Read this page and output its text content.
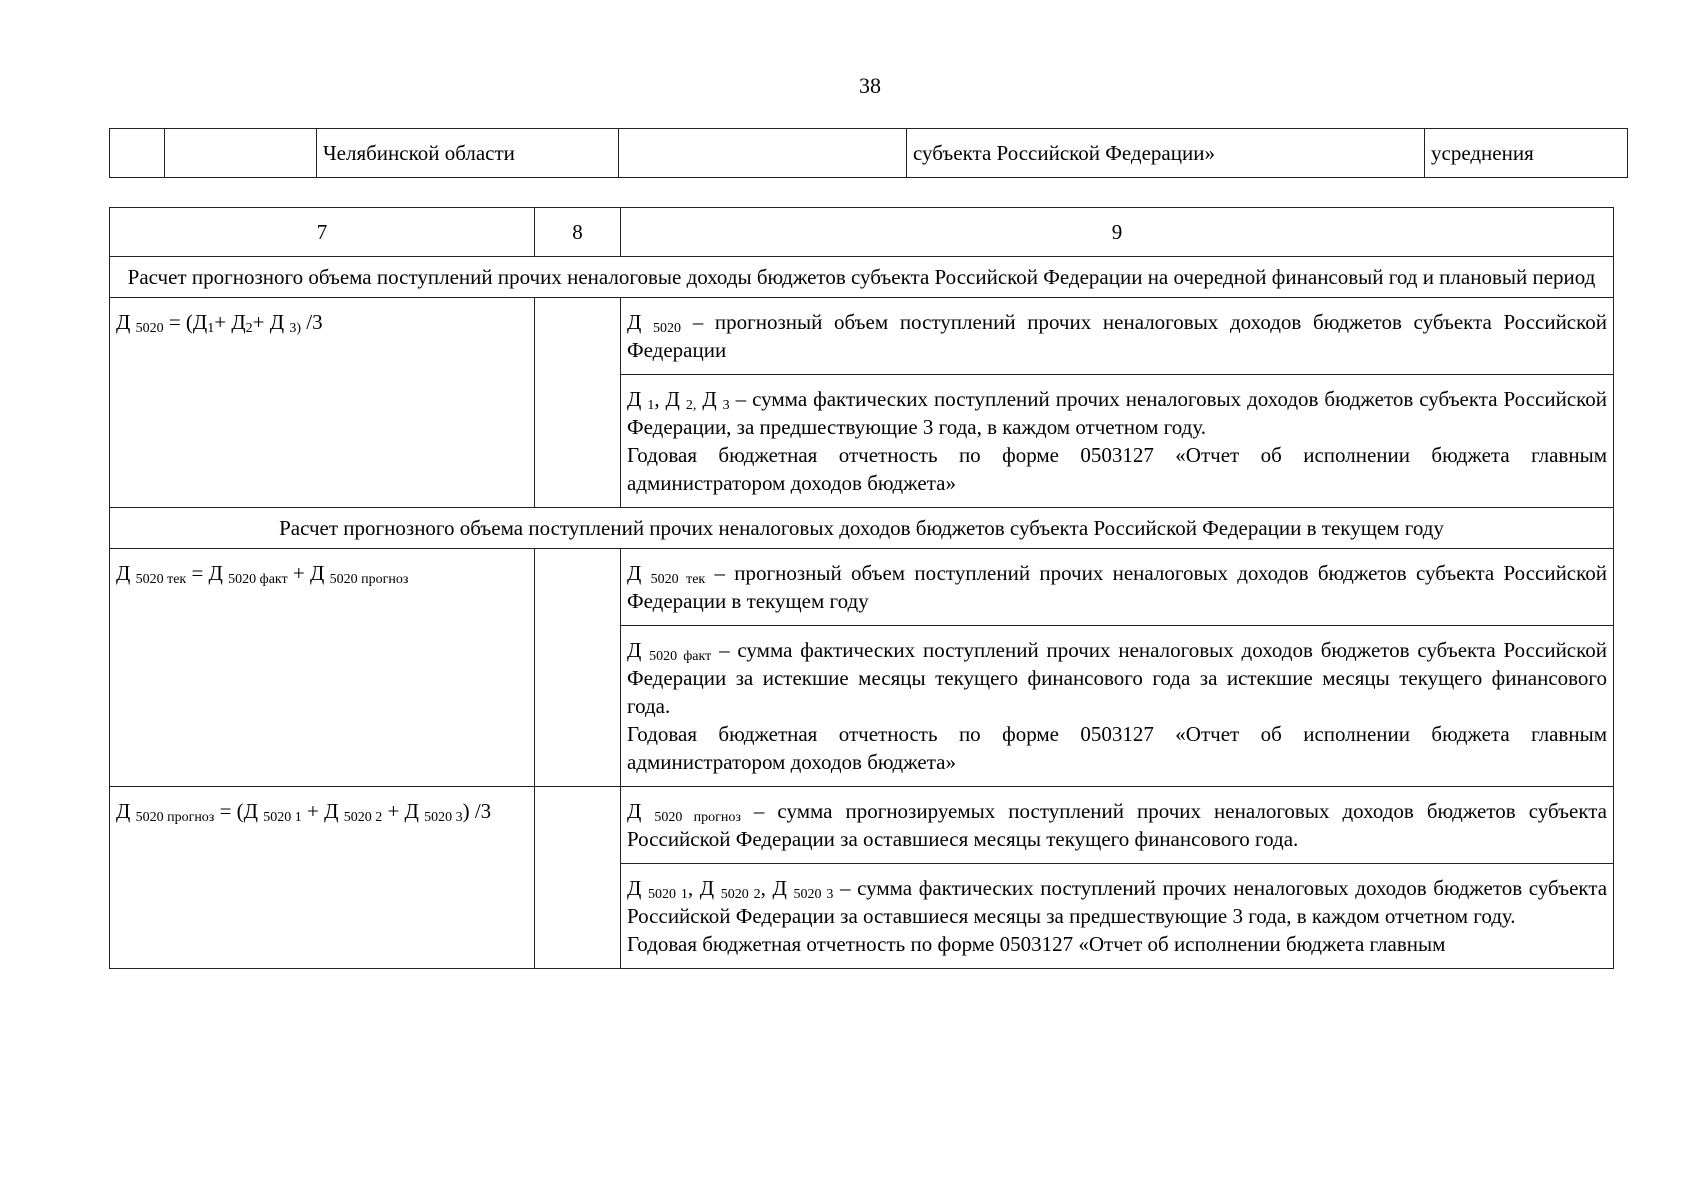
38
		Челябинской области		субъекта Российской Федерации»	усреднения
7	8	9
Расчет прогнозного объема поступлений прочих неналоговые доходы бюджетов субъекта Российской Федерации на очередной финансовый год и плановый период		
Д $_{5020} = (Д_1+ Д_2+ Д$ $_{3)}$ /3		Д $_{5020}$ – прогнозный объем поступлений прочих неналоговых доходов бюджетов субъекта Российской Федерации

		Д $_1$, Д $_{2,}$ Д $_3$ – сумма фактических поступлений прочих неналоговых доходов бюджетов субъекта Российской Федерации, за предшествующие 3 года, в каждом отчетном году.

Годовая бюджетная отчетность по форме 0503127 «Отчет об исполнении бюджета главным администратором доходов бюджета»

Расчет прогнозного объема поступлений прочих неналоговых доходов бюджетов субъекта Российской Федерации в текущем году		
Д $_{5020 тек}$ = Д $_{5020 факт}$ + Д $_{5020 прогноз}$		Д $_{5020 тек}$ – прогнозный объем поступлений прочих неналоговых доходов бюджетов субъекта Российской Федерации в текущем году

		Д $_{5020 факт}$ – сумма фактических поступлений прочих неналоговых доходов бюджетов субъекта Российской Федерации за истекшие месяцы текущего финансового года за истекшие месяцы текущего финансового года.

Годовая бюджетная отчетность по форме 0503127 «Отчет об исполнении бюджета главным администратором доходов бюджета»

Д $_{5020 прогноз}$ = (Д $_{5020 1}$ + Д $_{5020 2}$ + Д $_{5020 3}$) /3		Д $_{5020 прогноз}$ – сумма прогнозируемых поступлений прочих неналоговых доходов бюджетов субъекта Российской Федерации за оставшиеся месяцы текущего финансового года.

		Д $_{5020 1}$, Д $_{5020 2}$, Д $_{5020 3}$ – сумма фактических поступлений прочих неналоговых доходов бюджетов субъекта Российской Федерации за оставшиеся месяцы за предшествующие 3 года, в каждом отчетном году.

Годовая бюджетная отчетность по форме 0503127 «Отчет об исполнении бюджета главным
